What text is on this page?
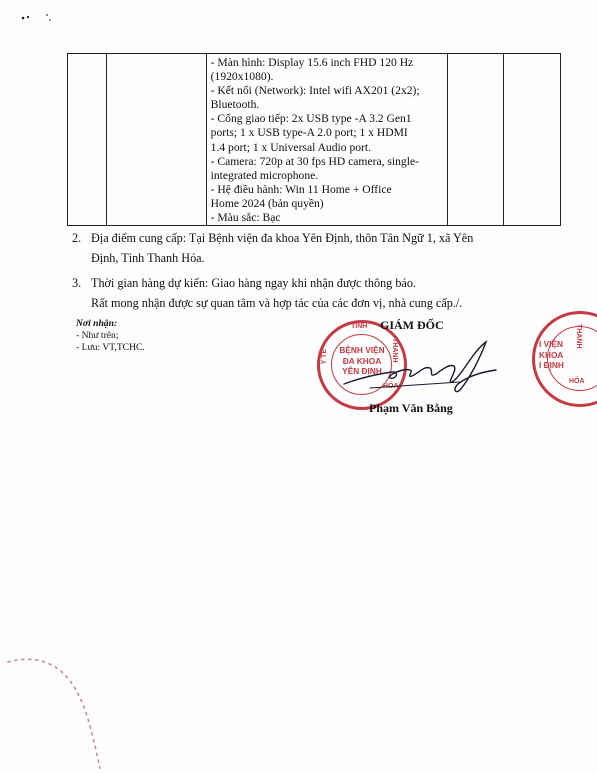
- Màn hình: Display 15.6 inch FHD 120 Hz
(1920x1080).
- Kết nối (Network): Intel wifi AX201 (2x2);
Bluetooth.
- Cổng giao tiếp: 2x USB type -A 3.2 Gen1
ports; 1 x USB type-A 2.0 port; 1 x HDMI
1.4 port; 1 x Universal Audio port.
- Camera: 720p at 30 fps HD camera, single-
integrated microphone.
- Hệ điều hành: Win 11 Home + Office
Home 2024 (bản quyền)
- Màu sắc: Bạc

2. Địa điểm cung cấp: Tại Bệnh viện đa khoa Yên Định, thôn Tân Ngữ 1, xã Yên
Định, Tỉnh Thanh Hóa.
3. Thời gian hàng dự kiến: Giao hàng ngay khi nhận được thông báo.
Rất mong nhận được sự quan tâm và hợp tác của các đơn vị, nhà cung cấp./.
Nơi nhận:
- Như trên;
- Lưu: VT,TCHC.
TỈNH
Y TẾ	THANH
HÓA
BỆNH VIỆN
ĐA KHOA
YÊN ĐỊNH
GIÁM ĐỐC
Phạm Văn Bằng
THANH
HÓA
I VIỆN
KHOA
I ĐỊNH
